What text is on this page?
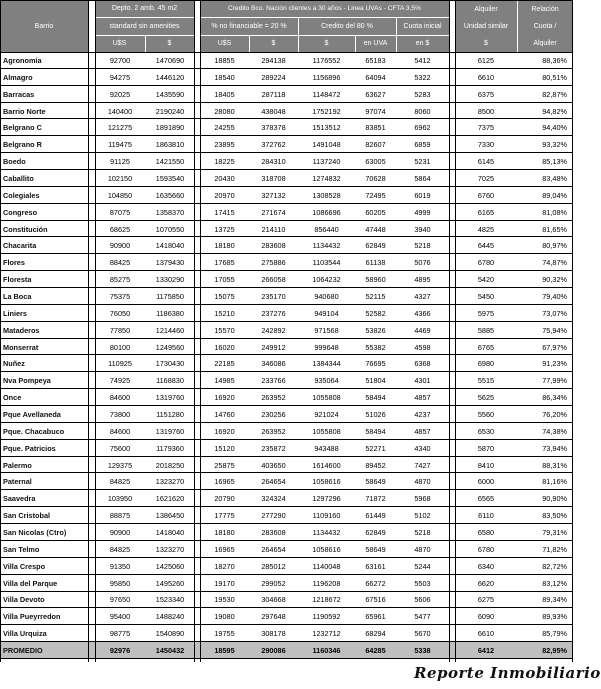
Barrio
Depto. 2 amb. 45 m2
standard sin amenities
U$S	$
Credito Bco. Nación clientes a 30 años - Linea UVAs - CFTA 3,5%
% no financiable = 20 %	Credito del 80 %
U$S	$	$	en UVA
Cuota inicial
en $
Alquiler
Unidad similar
$
Relación
Cuota /
Alquiler
Agronomía	92700	1470690	18855	294138	1176552	65183	5412	6125	88,36%
Almagro	94275	1446120	18540	289224	1156896	64094	5322	6610	80,51%
Barracas	92025	1435590	18405	287118	1148472	63627	5283	6375	82,87%
Barrio Norte	140400	2190240	28080	438048	1752192	97074	8060	8500	94,82%
Belgrano C	121275	1891890	24255	378378	1513512	83851	6962	7375	94,40%
Belgrano R	119475	1863810	23895	372762	1491048	82607	6859	7330	93,32%
Boedo	91125	1421550	18225	284310	1137240	63005	5231	6145	85,13%
Caballito	102150	1593540	20430	318708	1274832	70628	5864	7025	83,48%
Colegiales	104850	1635660	20970	327132	1308528	72495	6019	6760	89,04%
Congreso	87075	1358370	17415	271674	1086696	60205	4999	6165	81,08%
Constitución	68625	1070550	13725	214110	856440	47448	3940	4825	81,65%
Chacarita	90900	1418040	18180	283608	1134432	62849	5218	6445	80,97%
Flores	88425	1379430	17685	275886	1103544	61138	5076	6780	74,87%
Floresta	85275	1330290	17055	266058	1064232	58960	4895	5420	90,32%
La Boca	75375	1175850	15075	235170	940680	52115	4327	5450	79,40%
Liniers	76050	1186380	15210	237276	949104	52582	4366	5975	73,07%
Mataderos	77850	1214460	15570	242892	971568	53826	4469	5885	75,94%
Monserrat	80100	1249560	16020	249912	999648	55382	4598	6765	67,97%
Nuñez	110925	1730430	22185	346086	1384344	76695	6368	6980	91,23%
Nva Pompeya	74925	1168830	14985	233766	935064	51804	4301	5515	77,99%
Once	84600	1319760	16920	263952	1055808	58494	4857	5625	86,34%
Pque Avellaneda	73800	1151280	14760	230256	921024	51026	4237	5560	76,20%
Pque. Chacabuco	84600	1319760	16920	263952	1055808	58494	4857	6530	74,38%
Pque. Patricios	75600	1179360	15120	235872	943488	52271	4340	5870	73,94%
Palermo	129375	2018250	25875	403650	1614600	89452	7427	8410	88,31%
Paternal	84825	1323270	16965	264654	1058616	58649	4870	6000	81,16%
Saavedra	103950	1621620	20790	324324	1297296	71872	5968	6565	90,90%
San Cristobal	88875	1386450	17775	277290	1109160	61449	5102	6110	83,50%
San Nicolas (Ctro)	90900	1418040	18180	283608	1134432	62849	5218	6580	79,31%
San Telmo	84825	1323270	16965	264654	1058616	58649	4870	6780	71,82%
Villa Crespo	91350	1425060	18270	285012	1140048	63161	5244	6340	82,72%
Villa del Parque	95850	1495260	19170	299052	1196208	66272	5503	6620	83,12%
Villa Devoto	97650	1523340	19530	304668	1218672	67516	5606	6275	89,34%
Villa Pueyrredon	95400	1488240	19080	297648	1190592	65961	5477	6090	89,93%
Villa Urquiza	98775	1540890	19755	308178	1232712	68294	5670	6610	85,79%
PROMEDIO	92976	1450432	18595	290086	1160346	64285	5338	6412	82,95%
Reporte Inmobiliario
